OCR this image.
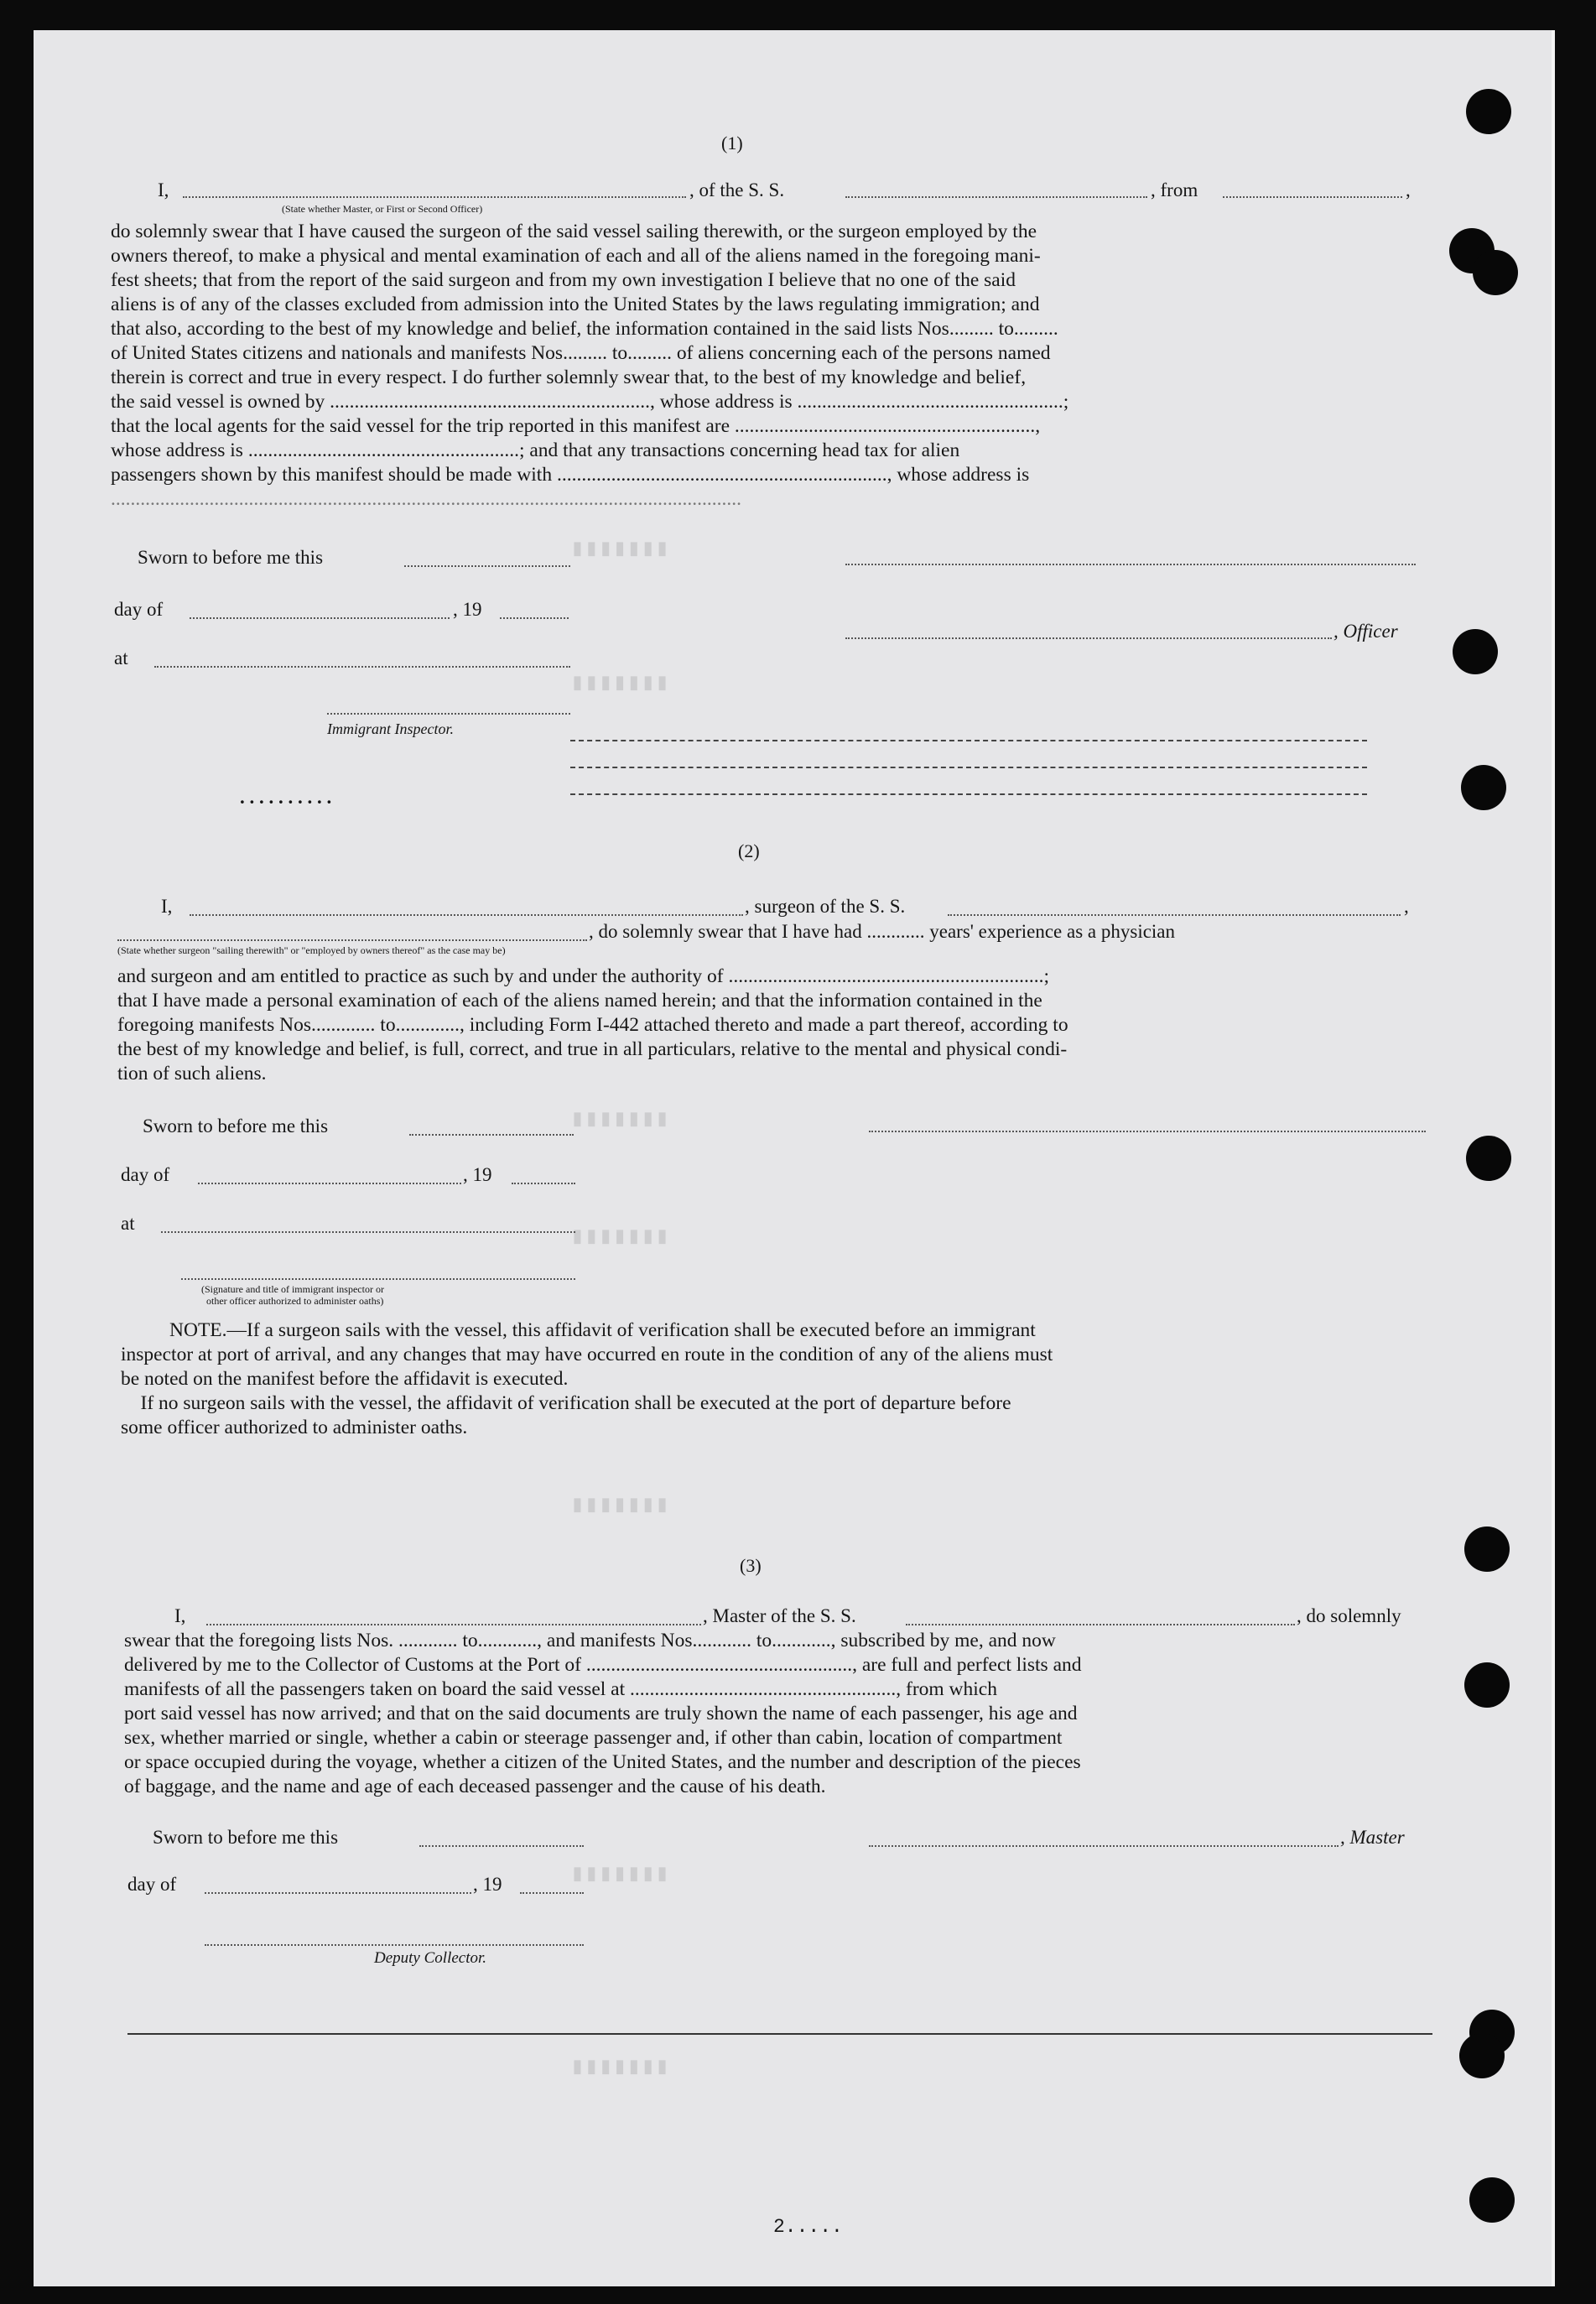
▮▮▮▮▮▮▮
▮▮▮▮▮▮▮
▮▮▮▮▮▮▮
▮▮▮▮▮▮▮
▮▮▮▮▮▮▮
▮▮▮▮▮▮▮
▮▮▮▮▮▮▮
(1)
I,	, of the S. S.	, from	,
(State whether Master, or First or Second Officer)
do solemnly swear that I have caused the surgeon of the said vessel sailing therewith, or the surgeon employed by the
owners thereof, to make a physical and mental examination of each and all of the aliens named in the foregoing mani-
fest sheets; that from the report of the said surgeon and from my own investigation I believe that no one of the said
aliens is of any of the classes excluded from admission into the United States by the laws regulating immigration; and
that also, according to the best of my knowledge and belief, the information contained in the said lists Nos......... to.........
of United States citizens and nationals and manifests Nos......... to......... of aliens concerning each of the persons named
therein is correct and true in every respect. I do further solemnly swear that, to the best of my knowledge and belief,
the said vessel is owned by ................................................................., whose address is ......................................................;
that the local agents for the said vessel for the trip reported in this manifest are .............................................................,
whose address is .......................................................; and that any transactions concerning head tax for alien
passengers shown by this manifest should be made with ..................................................................., whose address is
................................................................................................................................
Sworn to before me this
day of	, 19
, Officer
at
Immigrant Inspector.
. . . . . . . . . .
(2)
I,	, surgeon of the S. S.	,
, do solemnly swear that I have had ............ years' experience as a physician
(State whether surgeon "sailing therewith" or "employed by owners thereof" as the case may be)
and surgeon and am entitled to practice as such by and under the authority of ................................................................;
that I have made a personal examination of each of the aliens named herein; and that the information contained in the
foregoing manifests Nos............. to............., including Form I-442 attached thereto and made a part thereof, according to
the best of my knowledge and belief, is full, correct, and true in all particulars, relative to the mental and physical condi-
tion of such aliens.
Sworn to before me this
day of	, 19
at
(Signature and title of immigrant inspector or
other officer authorized to administer oaths)
NOTE.—If a surgeon sails with the vessel, this affidavit of verification shall be executed before an immigrant
inspector at port of arrival, and any changes that may have occurred en route in the condition of any of the aliens must
be noted on the manifest before the affidavit is executed.
If no surgeon sails with the vessel, the affidavit of verification shall be executed at the port of departure before
some officer authorized to administer oaths.
(3)
I,	, Master of the S. S.	, do solemnly
swear that the foregoing lists Nos. ............ to............, and manifests Nos............ to............, subscribed by me, and now
delivered by me to the Collector of Customs at the Port of ......................................................, are full and perfect lists and
manifests of all the passengers taken on board the said vessel at ......................................................, from which
port said vessel has now arrived; and that on the said documents are truly shown the name of each passenger, his age and
sex, whether married or single, whether a cabin or steerage passenger and, if other than cabin, location of compartment
or space occupied during the voyage, whether a citizen of the United States, and the number and description of the pieces
of baggage, and the name and age of each deceased passenger and the cause of his death.
Sworn to before me this	, Master
day of	, 19
Deputy Collector.
2.....
